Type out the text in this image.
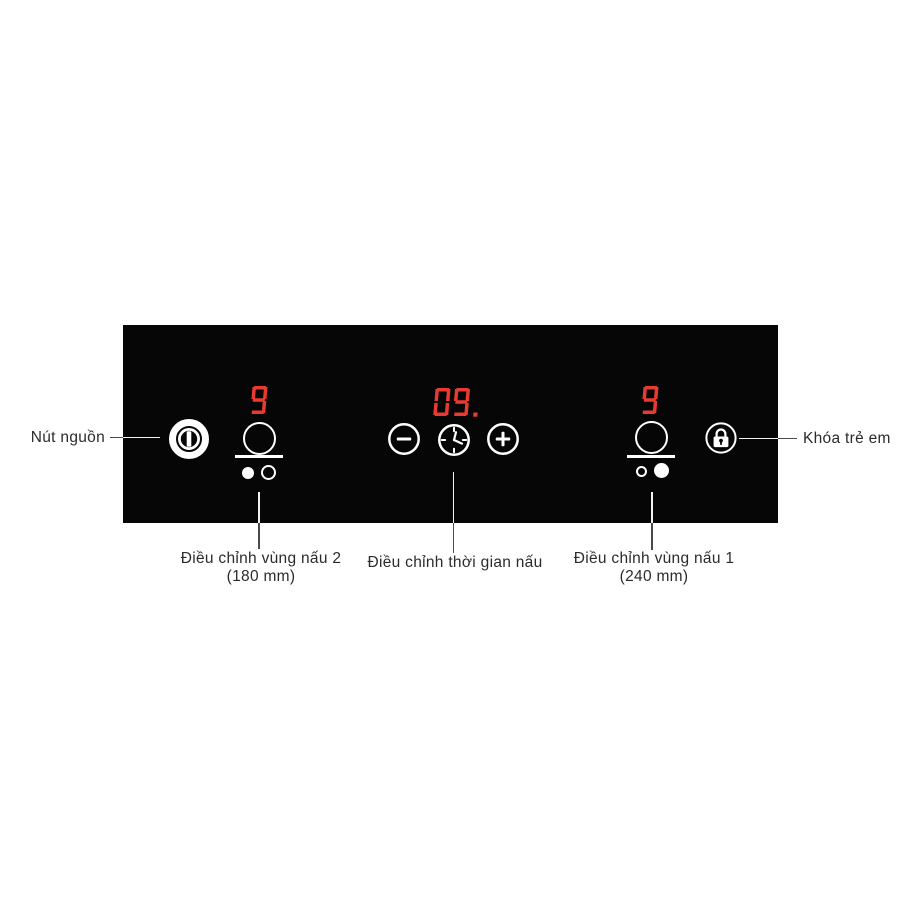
Nút nguồn	Khóa trẻ em
Điều chỉnh vùng nấu 2
(180 mm)
Điều chỉnh thời gian nấu Điều chỉnh vùng nấu 1
(240 mm)
